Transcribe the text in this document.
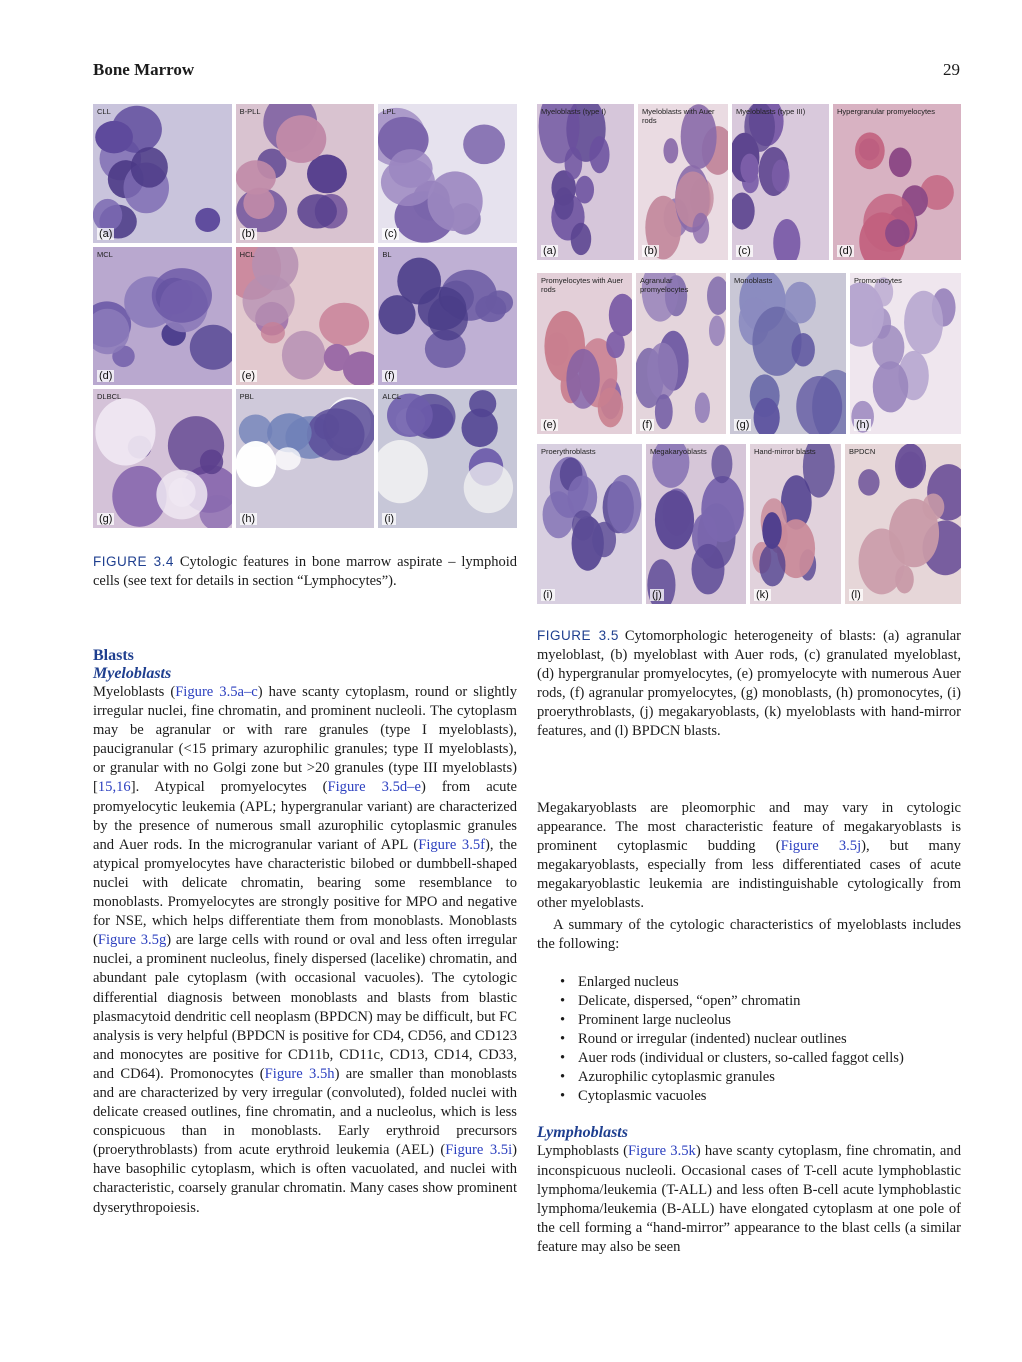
Bone Marrow	29
CLL
(a)
B-PLL
(b)
LPL
(c)
MCL
(d)
HCL
(e)
BL
(f)
DLBCL
(g)
PBL
(h)
ALCL
(i)
FIGURE 3.4 Cytologic features in bone marrow aspirate – lymphoid cells (see text for details in section “Lymphocytes”).
Myeloblasts (type I)
(a)
Myeloblasts with Auer rods
(b)
Myeloblasts (type III)
(c)
Hypergranular promyelocytes
(d)
Promyelocytes with Auer rods
(e)
Agranular promyelocytes
(f)
Monoblasts
(g)
Promonocytes
(h)
Proerythroblasts
(i)
Megakaryoblasts
(j)
Hand-mirror blasts
(k)
BPDCN
(l)
FIGURE 3.5 Cytomorphologic heterogeneity of blasts: (a) agranular myeloblast, (b) myeloblast with Auer rods, (c) granulated myeloblast, (d) hypergranular promyelocytes, (e) promyelocyte with numerous Auer rods, (f) agranular promyelocytes, (g) monoblasts, (h) promonocytes, (i) proerythroblasts, (j) megakaryoblasts, (k) myeloblasts with hand-mirror features, and (l) BPDCN blasts.
Blasts
Myeloblasts

Myeloblasts (Figure 3.5a–c) have scanty cytoplasm, round or slightly irregular nuclei, fine chromatin, and prominent nucleoli. The cytoplasm may be agranular or with rare granules (type I myeloblasts), paucigranular (<15 primary azurophilic granules; type II myeloblasts), or granular with no Golgi zone but >20 granules (type III myeloblasts) [15,16]. Atypical promyelocytes (Figure 3.5d–e) from acute promyelocytic leukemia (APL; hypergranular variant) are characterized by the presence of numerous small azurophilic cytoplasmic granules and Auer rods. In the microgranular variant of APL (Figure 3.5f), the atypical promyelocytes have characteristic bilobed or dumbbell-shaped nuclei with delicate chromatin, bearing some resemblance to monoblasts. Promyelocytes are strongly positive for MPO and negative for NSE, which helps differentiate them from monoblasts. Monoblasts (Figure 3.5g) are large cells with round or oval and less often irregular nuclei, a prominent nucleolus, finely dispersed (lacelike) chromatin, and abundant pale cytoplasm (with occasional vacuoles). The cytologic differential diagnosis between monoblasts and blasts from blastic plasmacytoid dendritic cell neoplasm (BPDCN) may be difficult, but FC analysis is very helpful (BPDCN is positive for CD4, CD56, and CD123 and monocytes are positive for CD11b, CD11c, CD13, CD14, CD33, and CD64). Promonocytes (Figure 3.5h) are smaller than monoblasts and are characterized by very irregular (convoluted), folded nuclei with delicate creased outlines, fine chromatin, and a nucleolus, which is less conspicuous than in monoblasts. Early erythroid precursors (proerythroblasts) from acute erythroid leukemia (AEL) (Figure 3.5i) have basophilic cytoplasm, which is often vacuolated, and nuclei with characteristic, coarsely granular chromatin. Many cases show prominent dyserythropoiesis.

Megakaryoblasts are pleomorphic and may vary in cytologic appearance. The most characteristic feature of megakaryoblasts is prominent cytoplasmic budding (Figure 3.5j), but many megakaryoblasts, especially from less differentiated cases of acute megakaryoblastic leukemia are indistinguishable cytologically from other myeloblasts.

A summary of the cytologic characteristics of myeloblasts includes the following:

• Enlarged nucleus
• Delicate, dispersed, “open” chromatin
• Prominent large nucleolus
• Round or irregular (indented) nuclear outlines
• Auer rods (individual or clusters, so-called faggot cells)
• Azurophilic cytoplasmic granules
• Cytoplasmic vacuoles
Lymphoblasts

Lymphoblasts (Figure 3.5k) have scanty cytoplasm, fine chromatin, and inconspicuous nucleoli. Occasional cases of T-cell acute lymphoblastic lymphoma/leukemia (T-ALL) and less often B-cell acute lymphoblastic lymphoma/leukemia (B-ALL) have elongated cytoplasm at one pole of the cell forming a “hand-mirror” appearance to the blast cells (a similar feature may also be seen
